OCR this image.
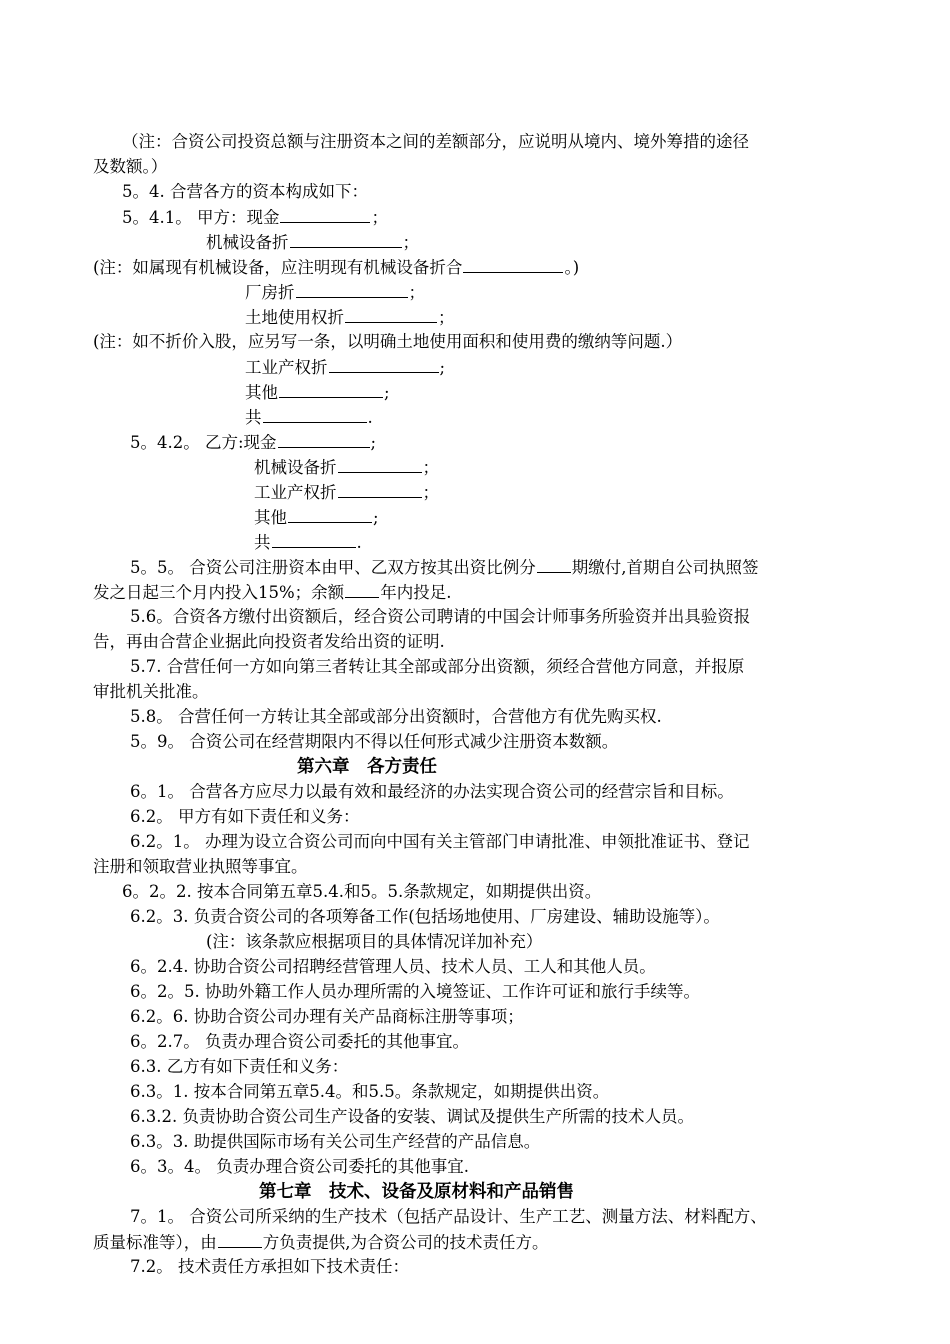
（注：合资公司投资总额与注册资本之间的差额部分，应说明从境内、境外筹措的途径
及数额。）
5。4. 合营各方的资本构成如下：
5。4.1。 甲方：现金	；
机械设备折	；
(注：如属现有机械设备，应注明现有机械设备折合	。)
厂房折	；
土地使用权折	；
(注：如不折价入股，应另写一条，以明确土地使用面积和使用费的缴纳等问题.）
工业产权折	;
其他	;
共	.
5。4.2。 乙方:现金	;
机械设备折	；
工业产权折	；
其他	;
共	.
5。5。 合资公司注册资本由甲、乙双方按其出资比例分 期缴付,首期自公司执照签
发之日起三个月内投入15%；余额 年内投足.
5.6。合资各方缴付出资额后，经合资公司聘请的中国会计师事务所验资并出具验资报
告，再由合营企业据此向投资者发给出资的证明.
5.7. 合营任何一方如向第三者转让其全部或部分出资额，须经合营他方同意，并报原
审批机关批准。
5.8。 合营任何一方转让其全部或部分出资额时，合营他方有优先购买权.
5。9。 合资公司在经营期限内不得以任何形式减少注册资本数额。
第六章　各方责任
6。1。 合营各方应尽力以最有效和最经济的办法实现合资公司的经营宗旨和目标。
6.2。 甲方有如下责任和义务：
6.2。1。 办理为设立合资公司而向中国有关主管部门申请批准、申领批准证书、登记
注册和领取营业执照等事宜。
6。2。2. 按本合同第五章5.4.和5。5.条款规定，如期提供出资。
6.2。3. 负责合资公司的各项筹备工作(包括场地使用、厂房建设、辅助设施等）。
(注：该条款应根据项目的具体情况详加补充）
6。2.4. 协助合资公司招聘经营管理人员、技术人员、工人和其他人员。
6。2。5. 协助外籍工作人员办理所需的入境签证、工作许可证和旅行手续等。
6.2。6. 协助合资公司办理有关产品商标注册等事项；
6。2.7。 负责办理合资公司委托的其他事宜。
6.3. 乙方有如下责任和义务：
6.3。1. 按本合同第五章5.4。和5.5。条款规定，如期提供出资。
6.3.2. 负责协助合资公司生产设备的安装、调试及提供生产所需的技术人员。
6.3。3. 助提供国际市场有关公司生产经营的产品信息。
6。3。4。 负责办理合资公司委托的其他事宜.
第七章　技术、设备及原材料和产品销售
7。1。 合资公司所采纳的生产技术（包括产品设计、生产工艺、测量方法、材料配方、
质量标准等），由	方负责提供,为合资公司的技术责任方。
7.2。 技术责任方承担如下技术责任：
